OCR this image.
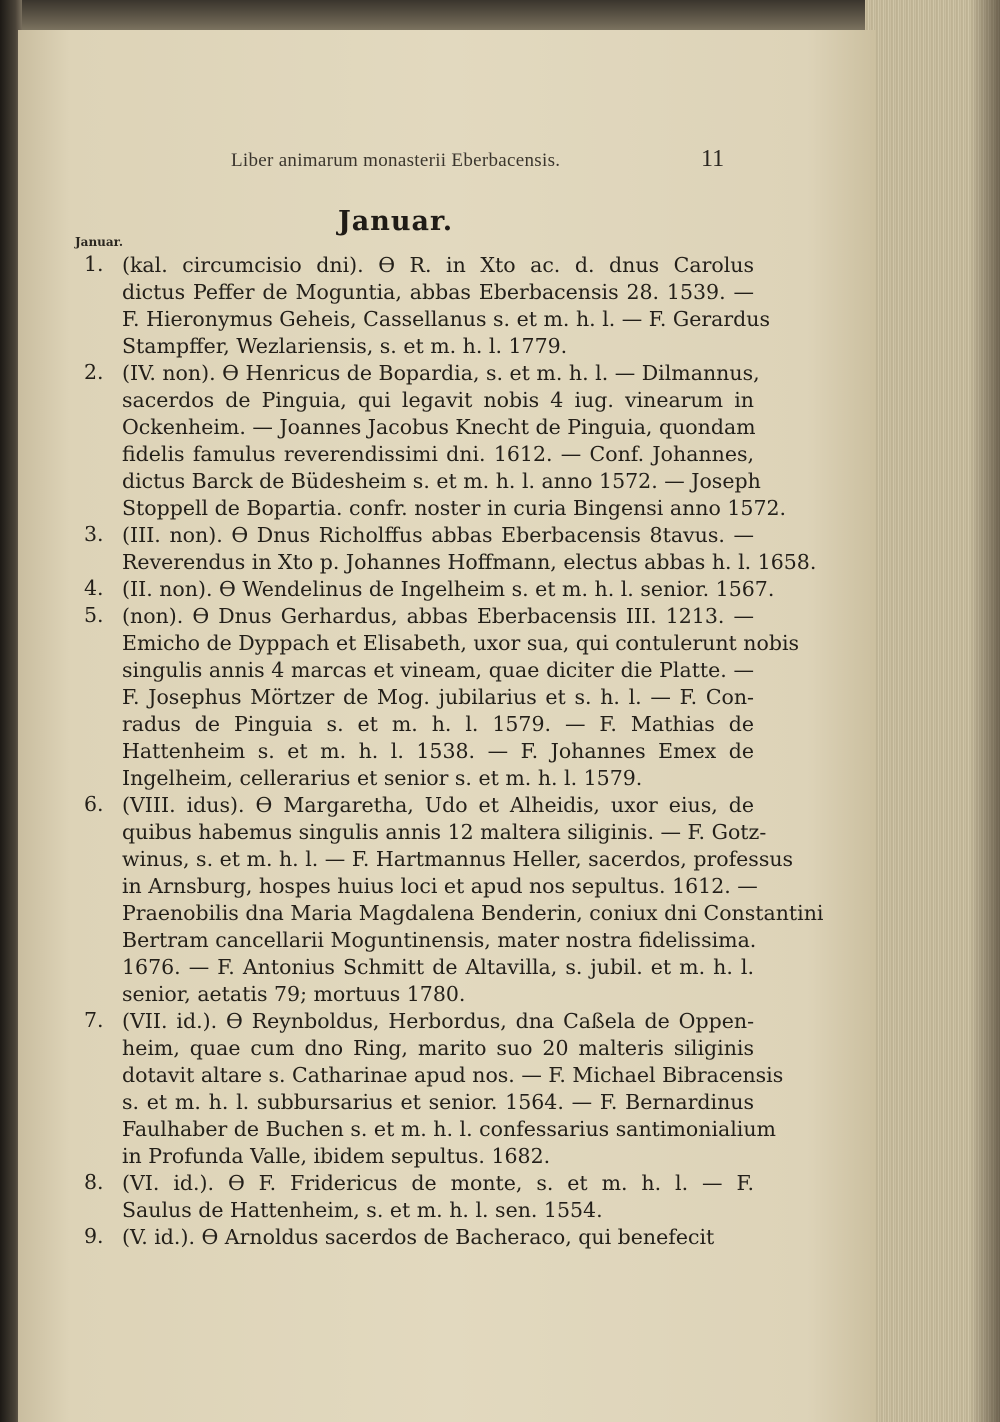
Liber animarum monasterii Eberbacensis.	11
Januar.
Januar.
1. (kal. circumcisio dni). ϴ R. in Xto ac. d. dnus Carolus
dictus Peffer de Moguntia, abbas Eberbacensis 28. 1539. —
F. Hieronymus Geheis, Cassellanus s. et m. h. l. — F. Gerardus
Stampffer, Wezlariensis, s. et m. h. l. 1779.
2. (IV. non). ϴ Henricus de Bopardia, s. et m. h. l. — Dilmannus,
sacerdos de Pinguia, qui legavit nobis 4 iug. vinearum in
Ockenheim. — Joannes Jacobus Knecht de Pinguia, quondam
fidelis famulus reverendissimi dni. 1612. — Conf. Johannes,
dictus Barck de Büdesheim s. et m. h. l. anno 1572. — Joseph
Stoppell de Bopartia. confr. noster in curia Bingensi anno 1572.
3. (III. non). ϴ Dnus Richolffus abbas Eberbacensis 8tavus. —
Reverendus in Xto p. Johannes Hoffmann, electus abbas h. l. 1658.
4. (II. non). ϴ Wendelinus de Ingelheim s. et m. h. l. senior. 1567.
5. (non). ϴ Dnus Gerhardus, abbas Eberbacensis III. 1213. —
Emicho de Dyppach et Elisabeth, uxor sua, qui contulerunt nobis
singulis annis 4 marcas et vineam, quae diciter die Platte. —
F. Josephus Mörtzer de Mog. jubilarius et s. h. l. — F. Con-
radus de Pinguia s. et m. h. l. 1579. — F. Mathias de
Hattenheim s. et m. h. l. 1538. — F. Johannes Emex de
Ingelheim, cellerarius et senior s. et m. h. l. 1579.
6. (VIII. idus). ϴ Margaretha, Udo et Alheidis, uxor eius, de
quibus habemus singulis annis 12 maltera siliginis. — F. Gotz-
winus, s. et m. h. l. — F. Hartmannus Heller, sacerdos, professus
in Arnsburg, hospes huius loci et apud nos sepultus. 1612. —
Praenobilis dna Maria Magdalena Benderin, coniux dni Constantini
Bertram cancellarii Moguntinensis, mater nostra fidelissima.
1676. — F. Antonius Schmitt de Altavilla, s. jubil. et m. h. l.
senior, aetatis 79; mortuus 1780.
7. (VII. id.). ϴ Reynboldus, Herbordus, dna Caßela de Oppen-
heim, quae cum dno Ring, marito suo 20 malteris siliginis
dotavit altare s. Catharinae apud nos. — F. Michael Bibracensis
s. et m. h. l. subbursarius et senior. 1564. — F. Bernardinus
Faulhaber de Buchen s. et m. h. l. confessarius santimonialium
in Profunda Valle, ibidem sepultus. 1682.
8. (VI. id.). ϴ F. Fridericus de monte, s. et m. h. l. — F.
Saulus de Hattenheim, s. et m. h. l. sen. 1554.
9. (V. id.). ϴ Arnoldus sacerdos de Bacheraco, qui benefecit
